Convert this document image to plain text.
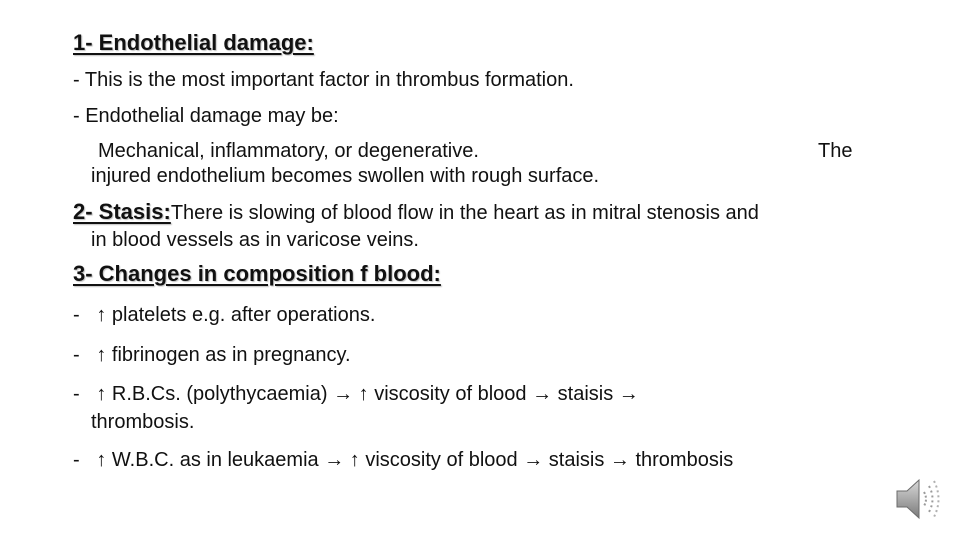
1- Endothelial damage:
- This is the most important factor in thrombus formation.
- Endothelial damage may be:
Mechanical, inflammatory, or degenerative.	The
injured endothelium becomes swollen with rough surface.
2- Stasis:There is slowing of blood flow in the heart as in mitral stenosis and
in blood vessels as in varicose veins.
3- Changes in composition f blood:
- ↑ platelets e.g. after operations.
- ↑ fibrinogen as in pregnancy.
- ↑ R.B.Cs. (polythycaemia) → ↑ viscosity of blood → staisis →
thrombosis.
- ↑ W.B.C. as in leukaemia → ↑ viscosity of blood → staisis → thrombosis
